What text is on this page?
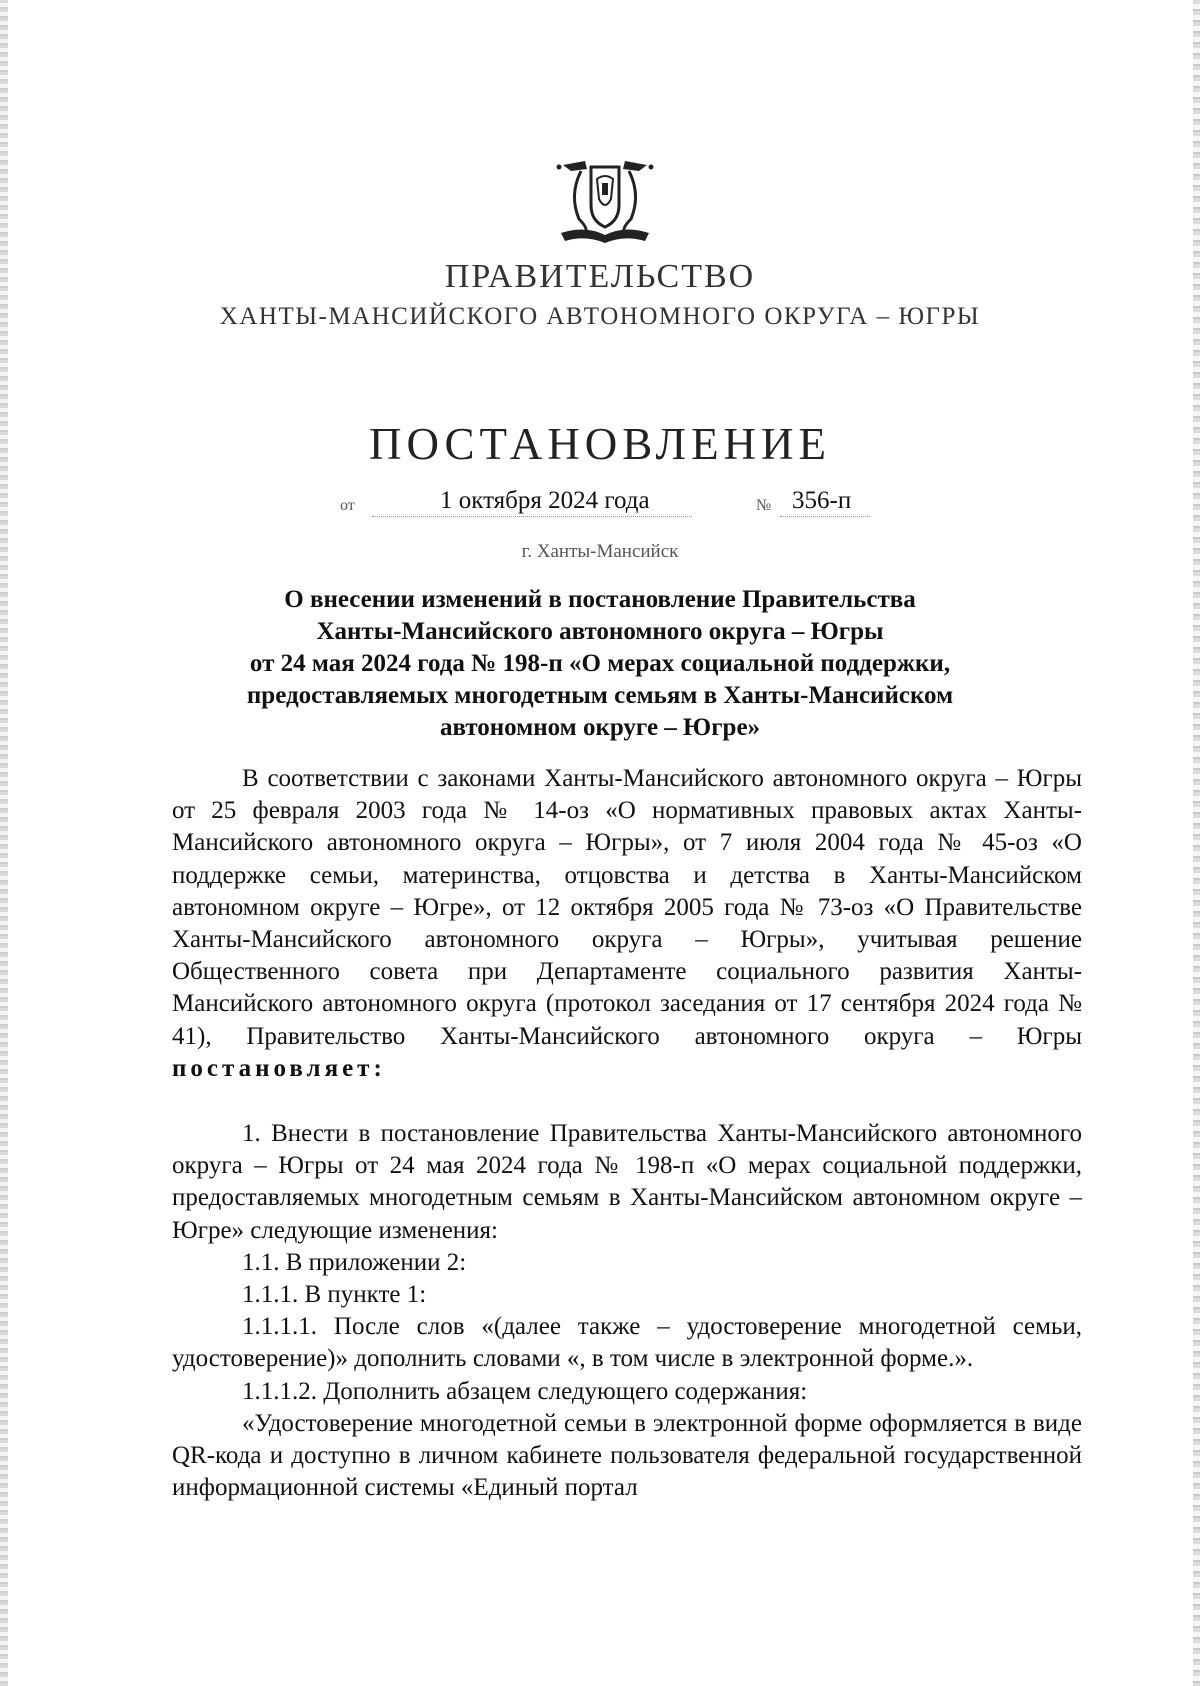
ПРАВИТЕЛЬСТВО
ХАНТЫ-МАНСИЙСКОГО АВТОНОМНОГО ОКРУГА – ЮГРЫ
ПОСТАНОВЛЕНИЕ
от	1 октября 2024 года	№ 356-п
г. Ханты-Мансийск
О внесении изменений в постановление Правительства
Ханты-Мансийского автономного округа – Югры
от 24 мая 2024 года № 198-п «О мерах социальной поддержки,
предоставляемых многодетным семьям в Ханты-Мансийском
автономном округе – Югре»

В соответствии с законами Ханты-Мансийского автономного округа – Югры от 25 февраля 2003 года № 14-оз «О нормативных правовых актах Ханты-Мансийского автономного округа – Югры», от 7 июля 2004 года № 45-оз «О поддержке семьи, материнства, отцовства и детства в Ханты-Мансийском автономном округе – Югре», от 12 октября 2005 года № 73-оз «О Правительстве Ханты-Мансийского автономного округа – Югры», учитывая решение Общественного совета при Департаменте социального развития Ханты-Мансийского автономного округа (протокол заседания от 17 сентября 2024 года № 41), Правительство Ханты-Мансийского автономного округа – Югры постановляет:

1. Внести в постановление Правительства Ханты-Мансийского автономного округа – Югры от 24 мая 2024 года № 198-п «О мерах социальной поддержки, предоставляемых многодетным семьям в Ханты-Мансийском автономном округе – Югре» следующие изменения:

1.1. В приложении 2:

1.1.1. В пункте 1:

1.1.1.1. После слов «(далее также – удостоверение многодетной семьи, удостоверение)» дополнить словами «, в том числе в электронной форме.».

1.1.1.2. Дополнить абзацем следующего содержания:

«Удостоверение многодетной семьи в электронной форме оформляется в виде QR-кода и доступно в личном кабинете пользователя федеральной государственной информационной системы «Единый портал
